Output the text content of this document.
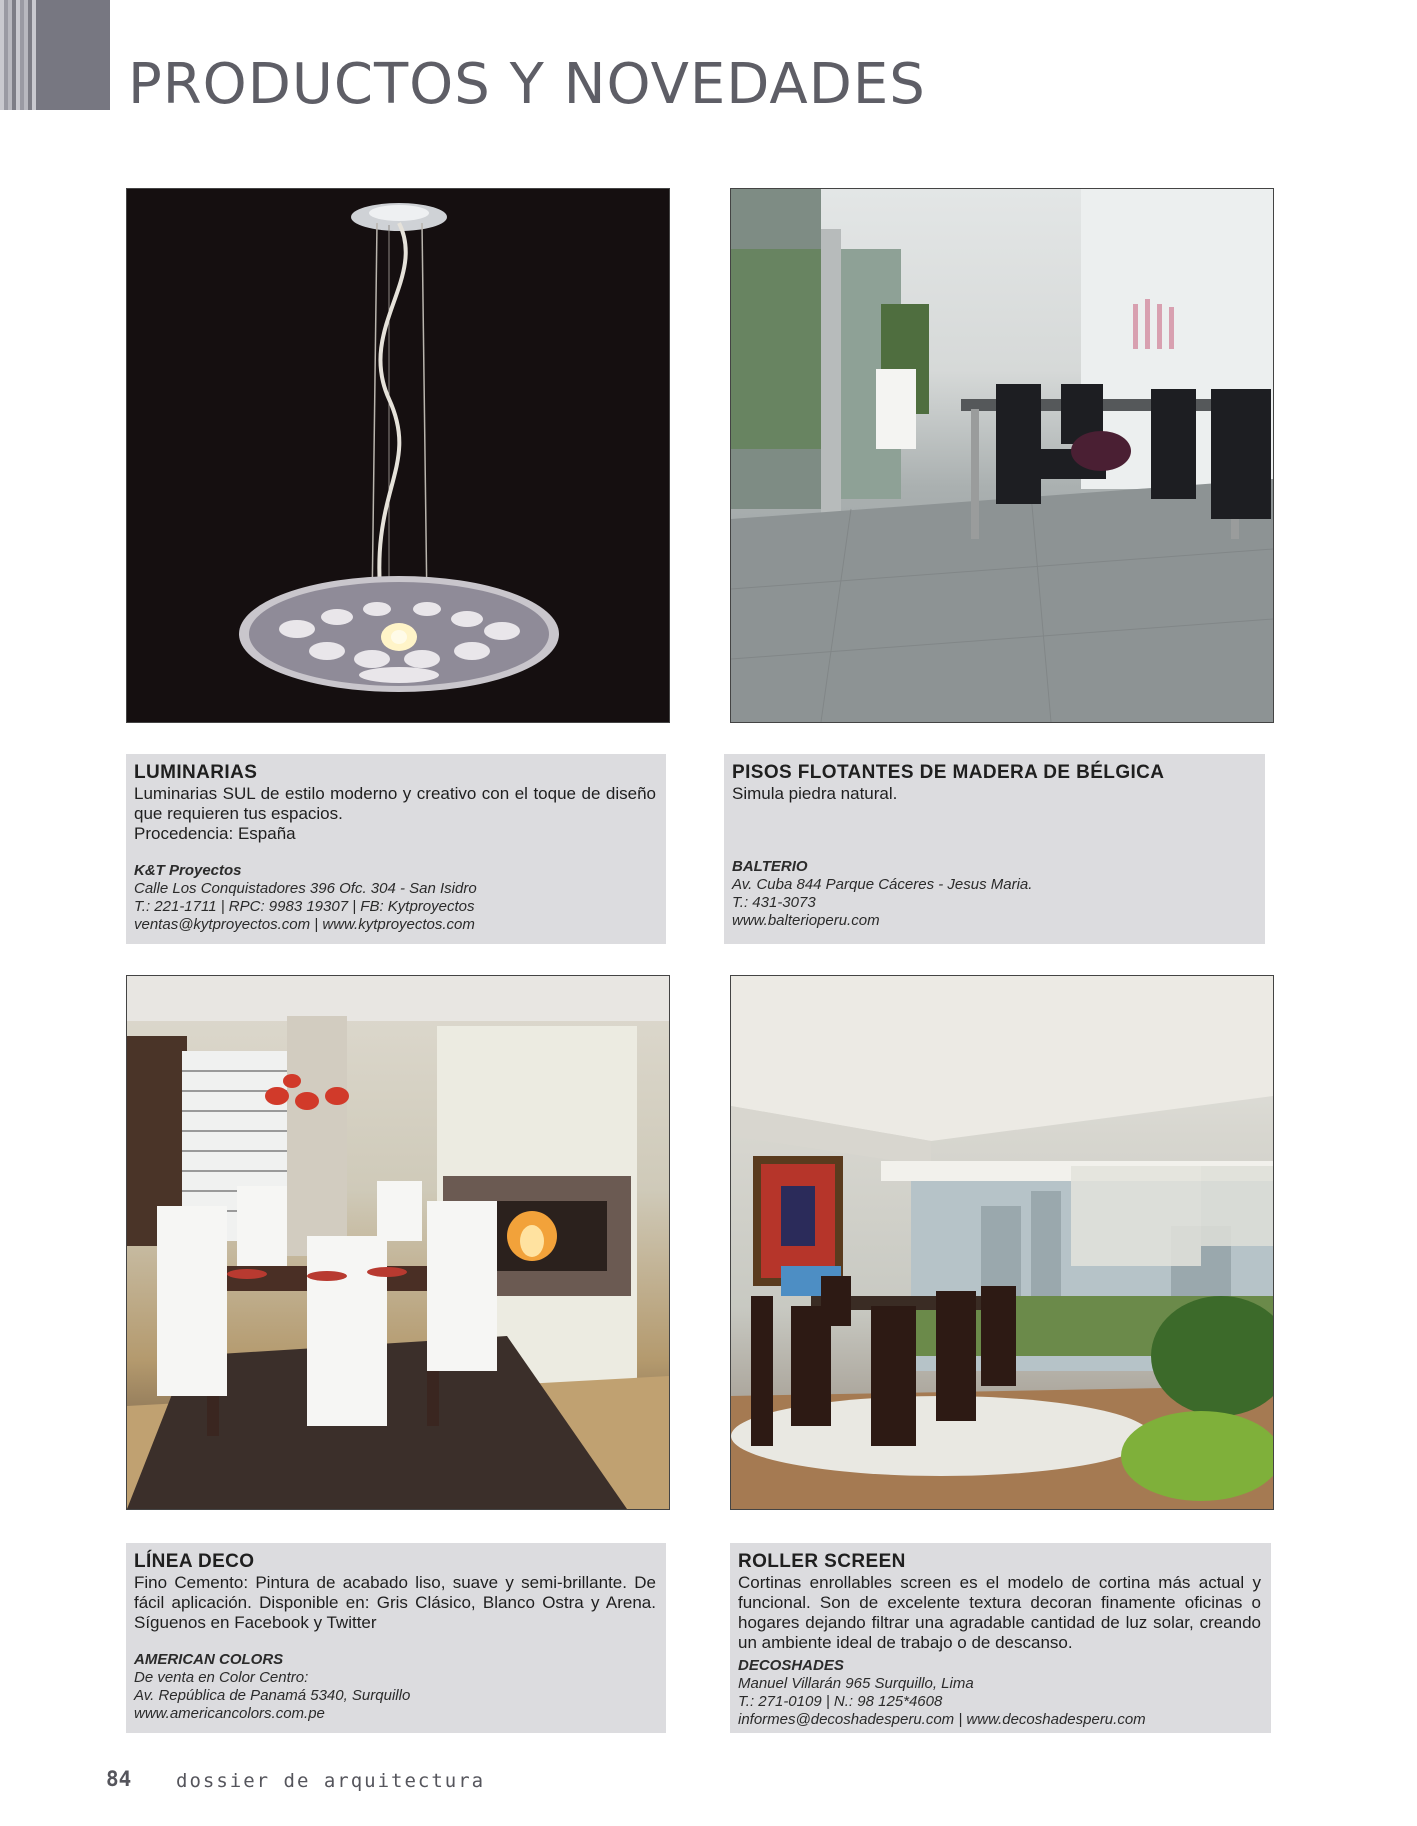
PRODUCTOS Y NOVEDADES
LUMINARIAS

Luminarias SUL de estilo moderno y creativo con el toque de diseño que requieren tus espacios.

Procedencia: España

K&T Proyectos
Calle Los Conquistadores 396 Ofc. 304 - San Isidro
T.: 221-1711 | RPC: 9983 19307 | FB: Kytproyectos
ventas@kytproyectos.com | www.kytproyectos.com
PISOS FLOTANTES DE MADERA DE BÉLGICA

Simula piedra natural.

BALTERIO
Av. Cuba 844 Parque Cáceres - Jesus Maria.
T.: 431-3073
www.balterioperu.com
LÍNEA DECO

Fino Cemento: Pintura de acabado liso, suave y semi-brillante. De fácil aplicación. Disponible en: Gris Clásico, Blanco Ostra y Arena. Síguenos en Facebook y Twitter

AMERICAN COLORS
De venta en Color Centro:
Av. República de Panamá 5340, Surquillo
www.americancolors.com.pe
ROLLER SCREEN

Cortinas enrollables screen es el modelo de cortina más actual y funcional. Son de excelente textura decoran finamente oficinas o hogares dejando filtrar una agradable cantidad de luz solar, creando un ambiente ideal de trabajo o de descanso.

DECOSHADES
Manuel Villarán 965 Surquillo, Lima
T.: 271-0109 | N.: 98 125*4608
informes@decoshadesperu.com | www.decoshadesperu.com
84 dossier de arquitectura
